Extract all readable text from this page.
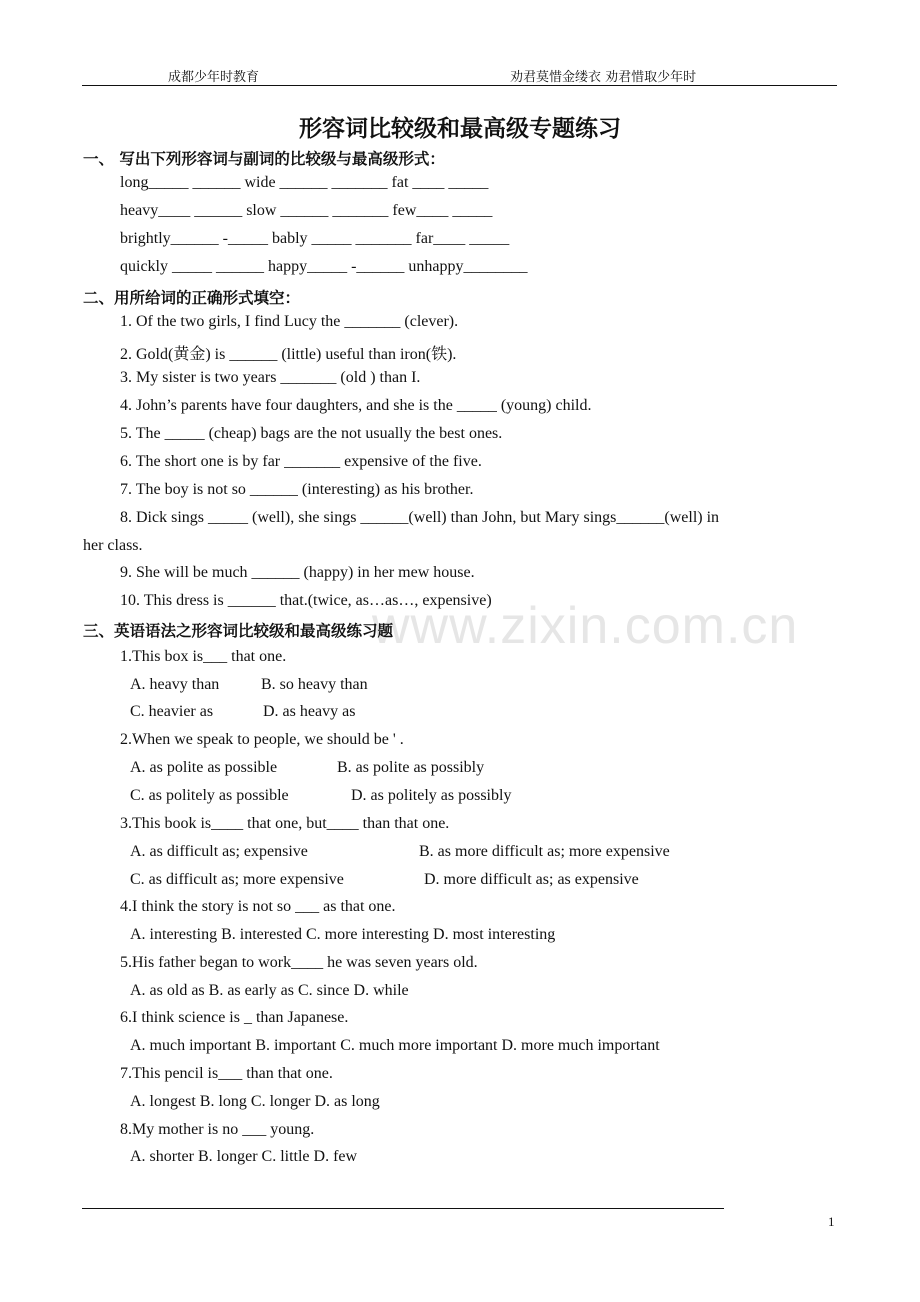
成都少年时教育	劝君莫惜金缕衣 劝君惜取少年时
形容词比较级和最高级专题练习
www.zixin.com.cn
一、 写出下列形容词与副词的比较级与最高级形式：
long_____ ______ wide ______ _______ fat ____ _____
heavy____ ______ slow ______ _______ few____ _____
brightly______ -_____ bably _____ _______ far____ _____
quickly _____ ______ happy_____ -______ unhappy________
二、用所给词的正确形式填空：
1. Of the two girls, I find Lucy the _______ (clever).
2. Gold(黄金) is ______ (little) useful than iron(铁).
3. My sister is two years _______ (old ) than I.
4. John’s parents have four daughters, and she is the _____ (young) child.
5. The _____ (cheap) bags are the not usually the best ones.
6. The short one is by far _______ expensive of the five.
7. The boy is not so ______ (interesting) as his brother.
8. Dick sings _____ (well), she sings ______(well) than John, but Mary sings______(well) in
her class.
9. She will be much ______ (happy) in her mew house.
10. This dress is ______ that.(twice, as…as…, expensive)
三、英语语法之形容词比较级和最高级练习题
1.This box is___ that one.
A. heavy than	B. so heavy than
C. heavier as	D. as heavy as
2.When we speak to people, we should be ' .
A. as polite as possible	B. as polite as possibly
C. as politely as possible	D. as politely as possibly
3.This book is____ that one, but____ than that one.
A. as difficult as; expensive	B. as more difficult as; more expensive
C. as difficult as; more expensive	D. more difficult as; as expensive
4.I think the story is not so ___ as that one.
A. interesting B. interested C. more interesting D. most interesting
5.His father began to work____ he was seven years old.
A. as old as B. as early as C. since D. while
6.I think science is _ than Japanese.
A. much important B. important C. much more important D. more much important
7.This pencil is___ than that one.
A. longest B. long C. longer D. as long
8.My mother is no ___ young.
A. shorter B. longer C. little D. few
1
